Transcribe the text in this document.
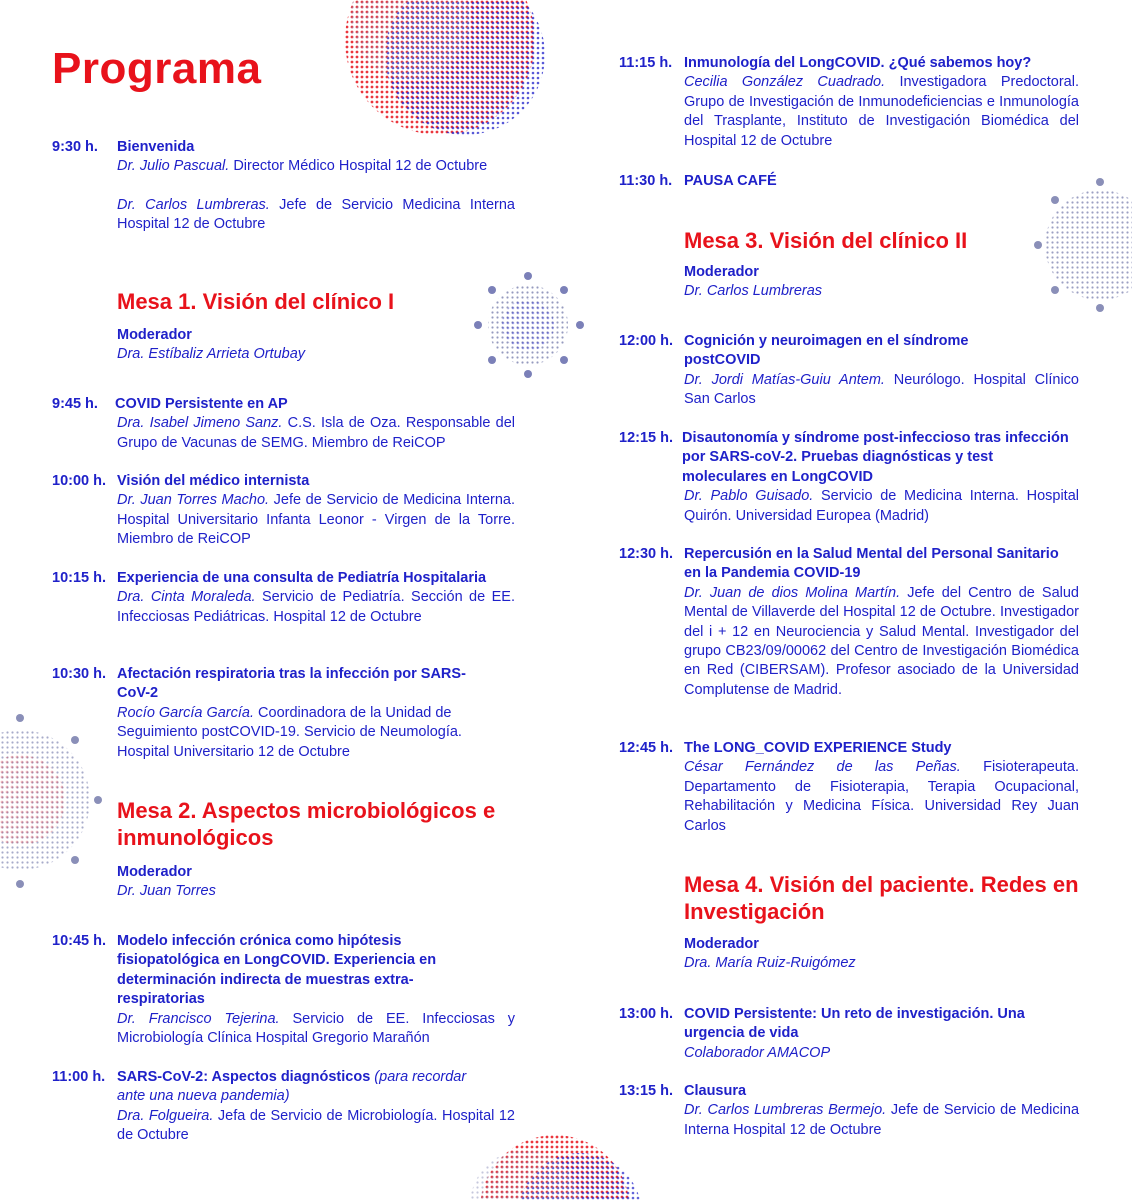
Programa
9:30 h.	Bienvenida
Dr. Julio Pascual. Director Médico Hospital 12 de Octubre
Dr. Carlos Lumbreras. Jefe de Servicio Medicina Interna Hospital 12 de Octubre
Mesa 1. Visión del clínico I
Moderador
Dra. Estíbaliz Arrieta Ortubay
9:45 h.	COVID Persistente en AP
Dra. Isabel Jimeno Sanz. C.S. Isla de Oza. Responsable del Grupo de Vacunas de SEMG. Miembro de ReiCOP
10:00 h. Visión del médico internista
Dr. Juan Torres Macho. Jefe de Servicio de Medicina Interna. Hospital Universitario Infanta Leonor - Virgen de la Torre. Miembro de ReiCOP
10:15 h. Experiencia de una consulta de Pediatría Hospitalaria
Dra. Cinta Moraleda. Servicio de Pediatría. Sección de EE. Infecciosas Pediátricas. Hospital 12 de Octubre
10:30 h. Afectación respiratoria tras la infección por SARS-CoV-2
Rocío García García. Coordinadora de la Unidad de Seguimiento postCOVID-19. Servicio de Neumología. Hospital Universitario 12 de Octubre
Mesa 2. Aspectos microbiológicos e inmunológicos
Moderador
Dr. Juan Torres
10:45 h. Modelo infección crónica como hipótesis fisiopatológica en LongCOVID. Experiencia en determinación indirecta de muestras extra-respiratorias
Dr. Francisco Tejerina. Servicio de EE. Infecciosas y Microbiología Clínica Hospital Gregorio Marañón
11:00 h. SARS-CoV-2: Aspectos diagnósticos (para recordar ante una nueva pandemia)
Dra. Folgueira. Jefa de Servicio de Microbiología. Hospital 12 de Octubre
11:15 h. Inmunología del LongCOVID. ¿Qué sabemos hoy?
Cecilia González Cuadrado. Investigadora Predoctoral. Grupo de Investigación de Inmunodeficiencias e Inmunología del Trasplante, Instituto de Investigación Biomédica del Hospital 12 de Octubre
11:30 h. PAUSA CAFÉ
Mesa 3. Visión del clínico II
Moderador
Dr. Carlos Lumbreras
12:00 h. Cognición y neuroimagen en el síndrome postCOVID
Dr. Jordi Matías-Guiu Antem. Neurólogo. Hospital Clínico San Carlos
12:15 h. Disautonomía y síndrome post-infeccioso tras infección por SARS-coV-2. Pruebas diagnósticas y test moleculares en LongCOVID
Dr. Pablo Guisado. Servicio de Medicina Interna. Hospital Quirón. Universidad Europea (Madrid)
12:30 h. Repercusión en la Salud Mental del Personal Sanitario en la Pandemia COVID-19
Dr. Juan de dios Molina Martín. Jefe del Centro de Salud Mental de Villaverde del Hospital 12 de Octubre. Investigador del i + 12 en Neurociencia y Salud Mental. Investigador del grupo CB23/09/00062 del Centro de Investigación Biomédica en Red (CIBERSAM). Profesor asociado de la Universidad Complutense de Madrid.
12:45 h. The LONG_COVID EXPERIENCE Study
César Fernández de las Peñas. Fisioterapeuta. Departamento de Fisioterapia, Terapia Ocupacional, Rehabilitación y Medicina Física. Universidad Rey Juan Carlos
Mesa 4. Visión del paciente. Redes en Investigación
Moderador
Dra. María Ruiz-Ruigómez
13:00 h. COVID Persistente: Un reto de investigación. Una urgencia de vida
Colaborador AMACOP
13:15 h. Clausura
Dr. Carlos Lumbreras Bermejo. Jefe de Servicio de Medicina Interna Hospital 12 de Octubre
